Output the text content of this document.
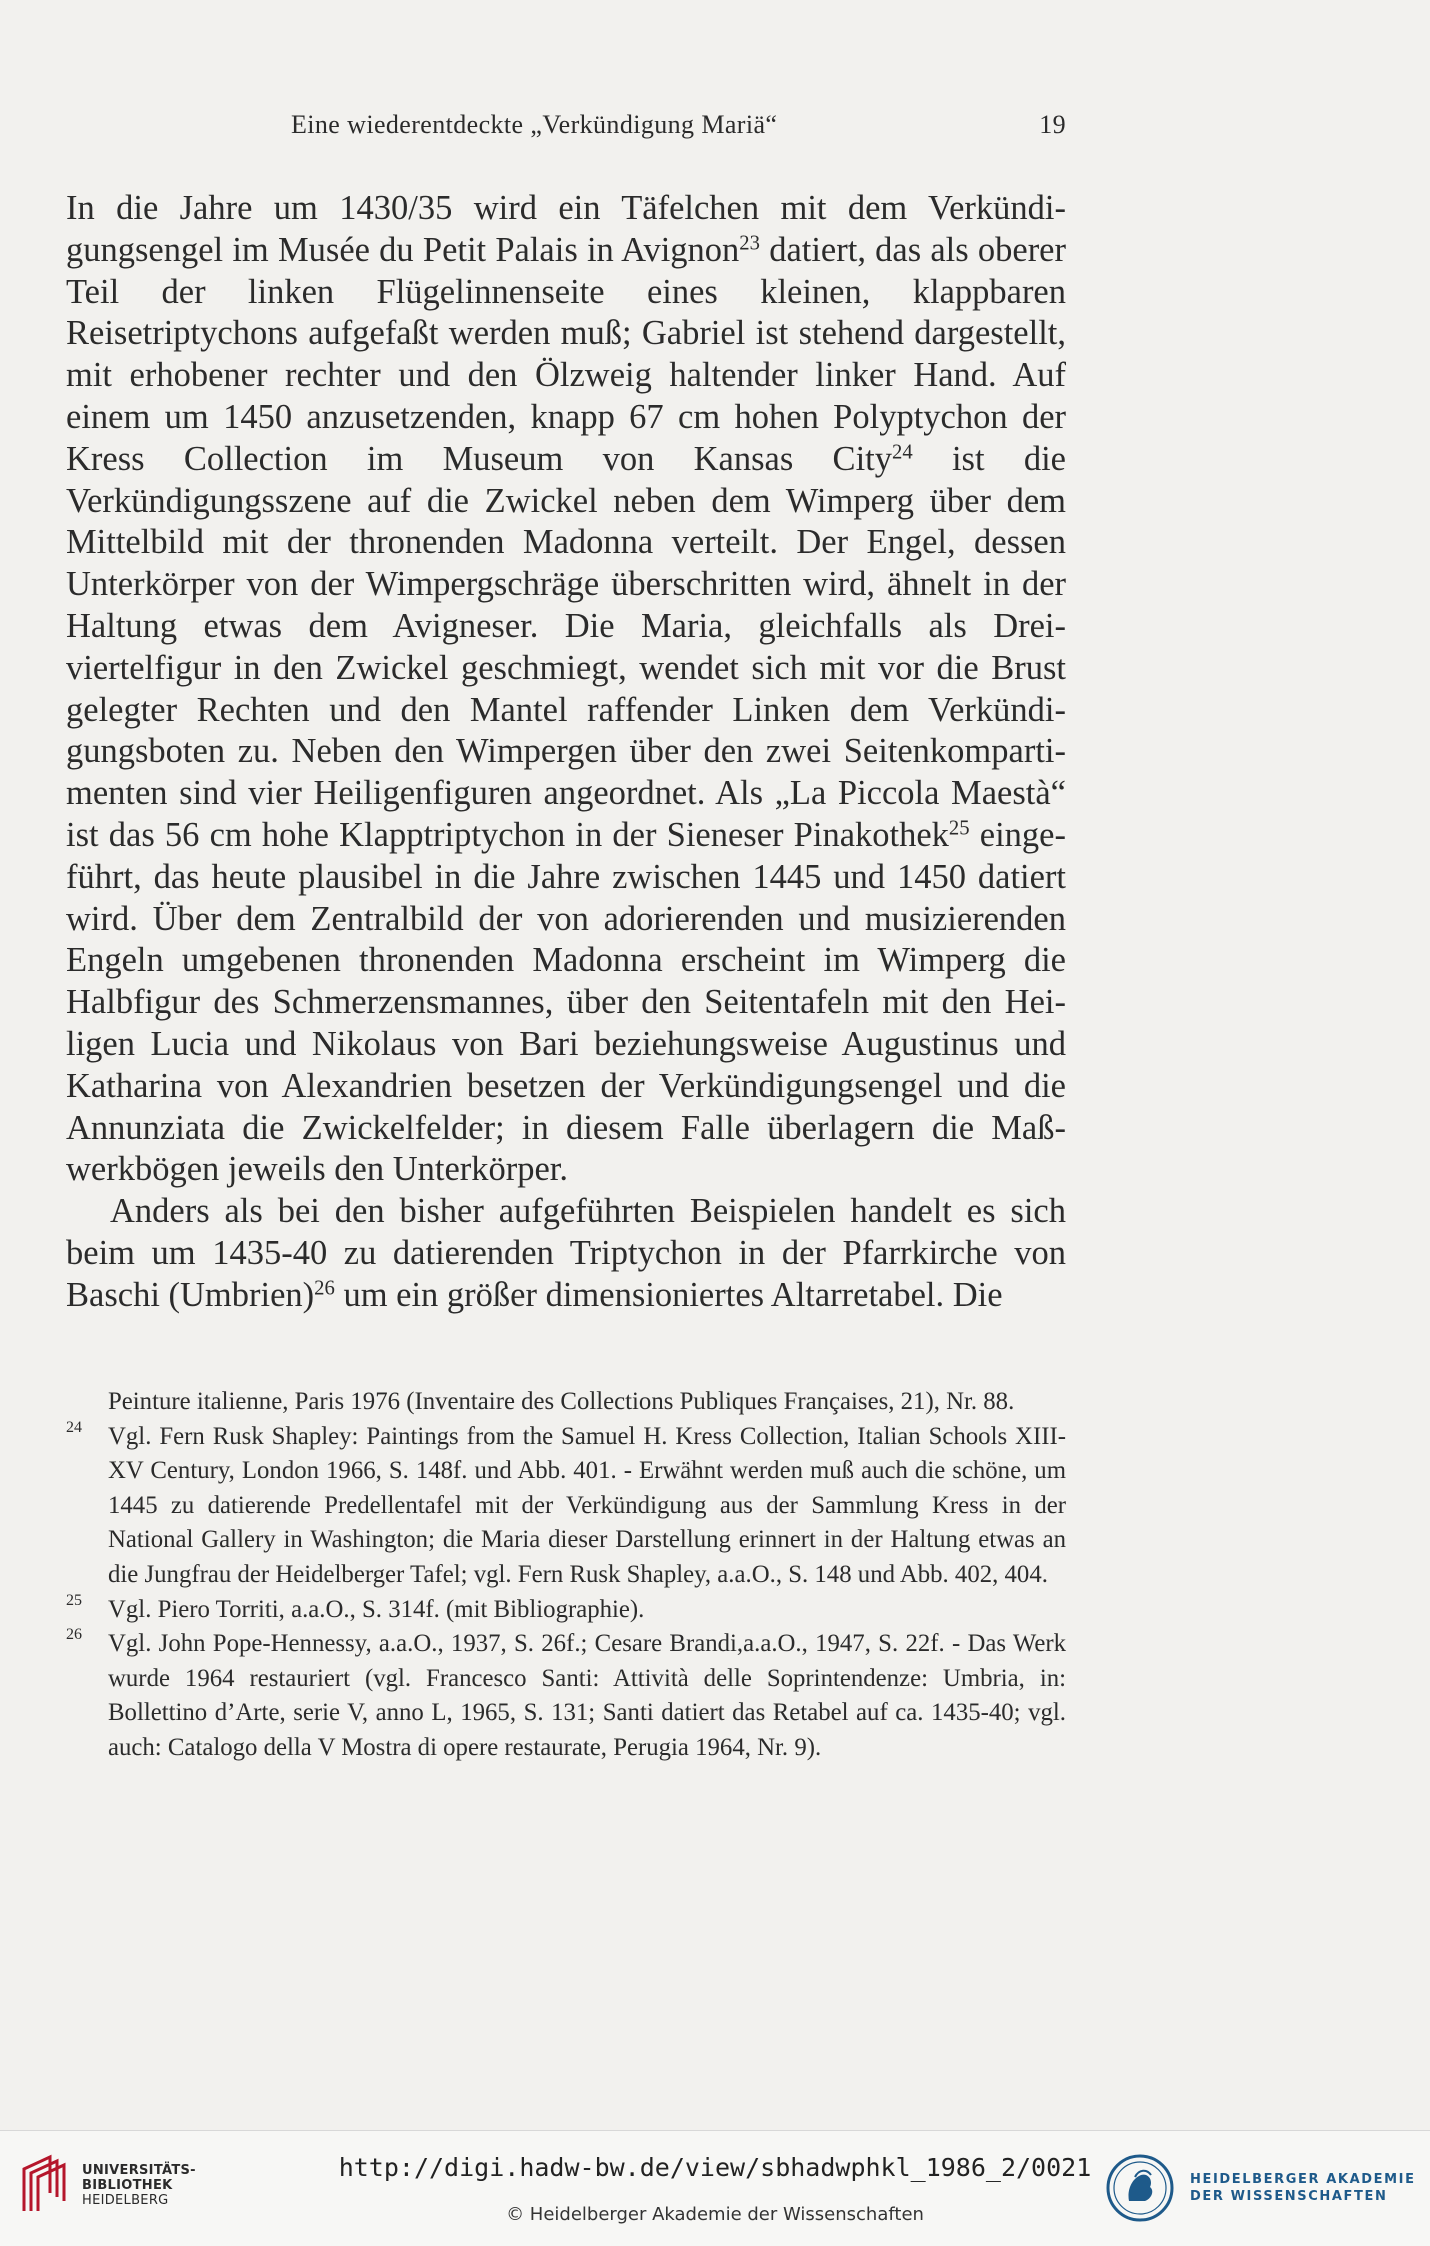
Eine wiederentdeckte „Verkündigung Mariä“	19

In die Jahre um 1430/35 wird ein Täfelchen mit dem Verkündigungsengel im Musée du Petit Palais in Avignon$^{23}$ datiert, das als oberer Teil der linken Flügelinnenseite eines kleinen, klappbaren Reisetriptychons aufgefaßt werden muß; Gabriel ist stehend dargestellt, mit erhobener rechter und den Ölzweig haltender linker Hand. Auf einem um 1450 anzusetzenden, knapp 67 cm hohen Polyptychon der Kress Collection im Museum von Kansas City$^{24}$ ist die Verkündigungsszene auf die Zwickel neben dem Wimperg über dem Mittelbild mit der thronenden Madonna verteilt. Der Engel, dessen Unterkörper von der Wimpergschräge überschritten wird, ähnelt in der Haltung etwas dem Avigneser. Die Maria, gleichfalls als Dreiviertelfigur in den Zwickel geschmiegt, wendet sich mit vor die Brust gelegter Rechten und den Mantel raffender Linken dem Verkündigungsboten zu. Neben den Wimpergen über den zwei Seitenkompartimenten sind vier Heiligenfiguren angeordnet. Als „La Piccola Maestà“ ist das 56 cm hohe Klapptriptychon in der Sieneser Pinakothek$^{25}$ eingeführt, das heute plausibel in die Jahre zwischen 1445 und 1450 datiert wird. Über dem Zentralbild der von adorierenden und musizierenden Engeln umgebenen thronenden Madonna erscheint im Wimperg die Halbfigur des Schmerzensmannes, über den Seitentafeln mit den Heiligen Lucia und Nikolaus von Bari beziehungsweise Augustinus und Katharina von Alexandrien besetzen der Verkündigungsengel und die Annunziata die Zwickelfelder; in diesem Falle überlagern die Maßwerkbögen jeweils den Unterkörper.

Anders als bei den bisher aufgeführten Beispielen handelt es sich beim um 1435-40 zu datierenden Triptychon in der Pfarrkirche von Baschi (Umbrien)$^{26}$ um ein größer dimensioniertes Altarretabel. Die

Peinture italienne, Paris 1976 (Inventaire des Collections Publiques Françaises, 21), Nr. 88.

24 Vgl. Fern Rusk Shapley: Paintings from the Samuel H. Kress Collection, Italian Schools XIII-XV Century, London 1966, S. 148f. und Abb. 401. - Erwähnt werden muß auch die schöne, um 1445 zu datierende Predellentafel mit der Verkündigung aus der Sammlung Kress in der National Gallery in Washington; die Maria dieser Darstellung erinnert in der Haltung etwas an die Jungfrau der Heidelberger Tafel; vgl. Fern Rusk Shapley, a.a.O., S. 148 und Abb. 402, 404.

25 Vgl. Piero Torriti, a.a.O., S. 314f. (mit Bibliographie).

26 Vgl. John Pope-Hennessy, a.a.O., 1937, S. 26f.; Cesare Brandi,a.a.O., 1947, S. 22f. - Das Werk wurde 1964 restauriert (vgl. Francesco Santi: Attività delle Soprintendenze: Umbria, in: Bollettino d’Arte, serie V, anno L, 1965, S. 131; Santi datiert das Retabel auf ca. 1435-40; vgl. auch: Catalogo della V Mostra di opere restaurate, Perugia 1964, Nr. 9).

UNIVERSITÄTS-
BIBLIOTHEK
HEIDELBERG
http://digi.hadw-bw.de/view/sbhadwphkl_1986_2/0021
© Heidelberger Akademie der Wissenschaften
HEIDELBERGER AKADEMIE
DER WISSENSCHAFTEN
